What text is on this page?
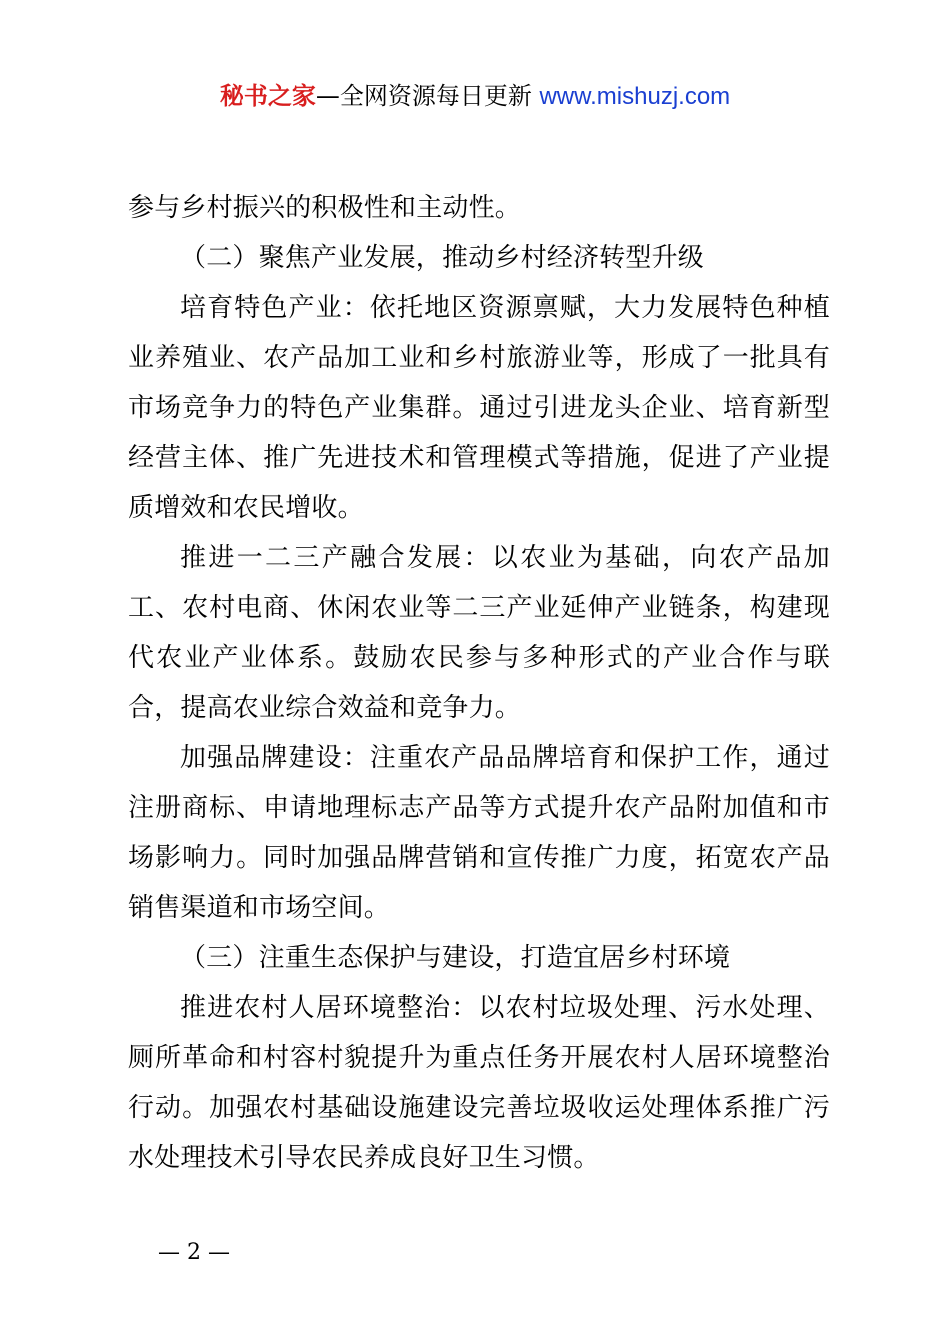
秘书之家—全网资源每日更新 www.mishuzj.com

参与乡村振兴的积极性和主动性。

（二）聚焦产业发展，推动乡村经济转型升级

培育特色产业：依托地区资源禀赋，大力发展特色种植业养殖业、农产品加工业和乡村旅游业等，形成了一批具有市场竞争力的特色产业集群。通过引进龙头企业、培育新型经营主体、推广先进技术和管理模式等措施，促进了产业提质增效和农民增收。

推进一二三产融合发展：以农业为基础，向农产品加工、农村电商、休闲农业等二三产业延伸产业链条，构建现代农业产业体系。鼓励农民参与多种形式的产业合作与联合，提高农业综合效益和竞争力。

加强品牌建设：注重农产品品牌培育和保护工作，通过注册商标、申请地理标志产品等方式提升农产品附加值和市场影响力。同时加强品牌营销和宣传推广力度，拓宽农产品销售渠道和市场空间。

（三）注重生态保护与建设，打造宜居乡村环境

推进农村人居环境整治：以农村垃圾处理、污水处理、厕所革命和村容村貌提升为重点任务开展农村人居环境整治行动。加强农村基础设施建设完善垃圾收运处理体系推广污水处理技术引导农民养成良好卫生习惯。

— 2 —
